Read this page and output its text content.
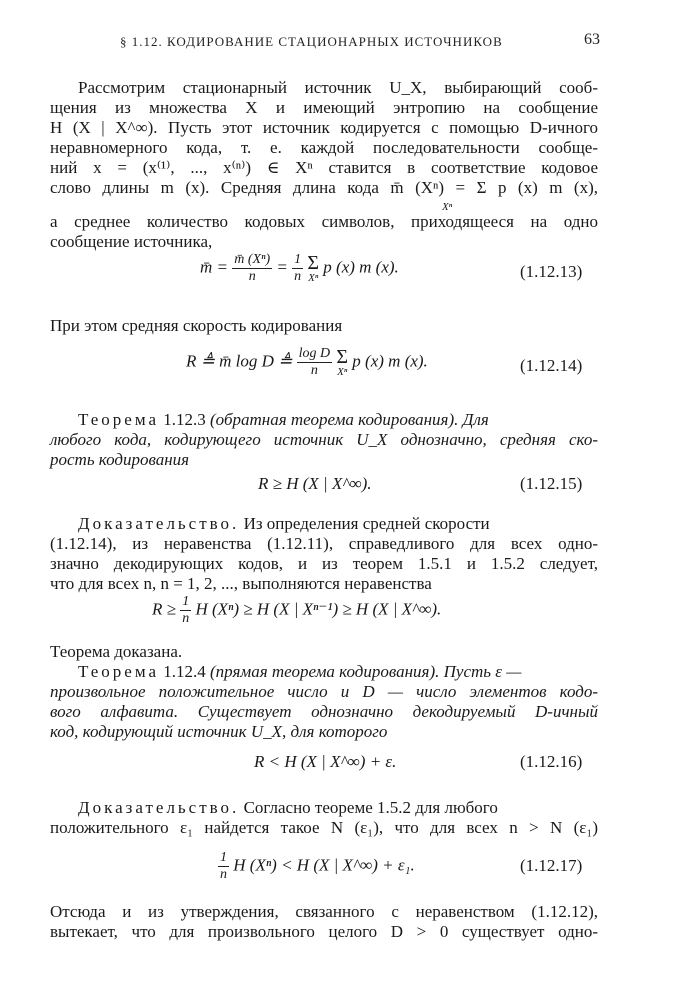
§ 1.12. КОДИРОВАНИЕ СТАЦИОНАРНЫХ ИСТОЧНИКОВ	63
Рассмотрим стационарный источник U_X, выбирающий сооб-
щения из множества X и имеющий энтропию на сообщение
H (X | X^∞). Пусть этот источник кодируется с помощью D-ичного
неравномерного кода, т. е. каждой последовательности сообще-
ний x = (x⁽¹⁾, ..., x⁽ⁿ⁾) ∈ Xⁿ ставится в соответствие кодовое
слово длины m (x). Средняя длина кода m̄ (Xⁿ) = Σ p (x) m (x),
Xⁿ
а среднее количество кодовых символов, приходящееся на одно
сообщение источника,
m̄ = $\frac{\text{m̄ (Xⁿ)}}{n} = \frac{1}{n}$
Σ
Xⁿ
p (x) m (x).	(1.12.13)
При этом средняя скорость кодирования
R ≜ m̄ log D ≜ $\frac{\text{log D}}{n}$
Σ
Xⁿ
p (x) m (x).	(1.12.14)
Теорема 1.12.3 (обратная теорема кодирования). Для
любого кода, кодирующего источник U_X однозначно, средняя ско-
рость кодирования
R ≥ H (X | X^∞).	(1.12.15)
Доказательство. Из определения средней скорости
(1.12.14), из неравенства (1.12.11), справедливого для всех одно-
значно декодирующих кодов, и из теорем 1.5.1 и 1.5.2 следует,
что для всех n, n = 1, 2, ..., выполняются неравенства
$R \ge \frac{1}{n}$ H (Xⁿ) ≥ H (X | Xⁿ⁻¹) ≥ H (X | X^∞).
Теорема доказана.
Теорема 1.12.4 (прямая теорема кодирования). Пусть ε —
произвольное положительное число и D — число элементов кодо-
вого алфавита. Существует однозначно декодируемый D-ичный
код, кодирующий источник U_X, для которого
R < H (X | X^∞) + ε.	(1.12.16)
Доказательство. Согласно теореме 1.5.2 для любого
положительного ε₁ найдется такое N (ε₁), что для всех n > N (ε₁)
$\frac{1}{n}$ H (Xⁿ) < H (X | X^∞) + ε₁.	(1.12.17)
Отсюда и из утверждения, связанного с неравенством (1.12.12),
вытекает, что для произвольного целого D > 0 существует одно-
